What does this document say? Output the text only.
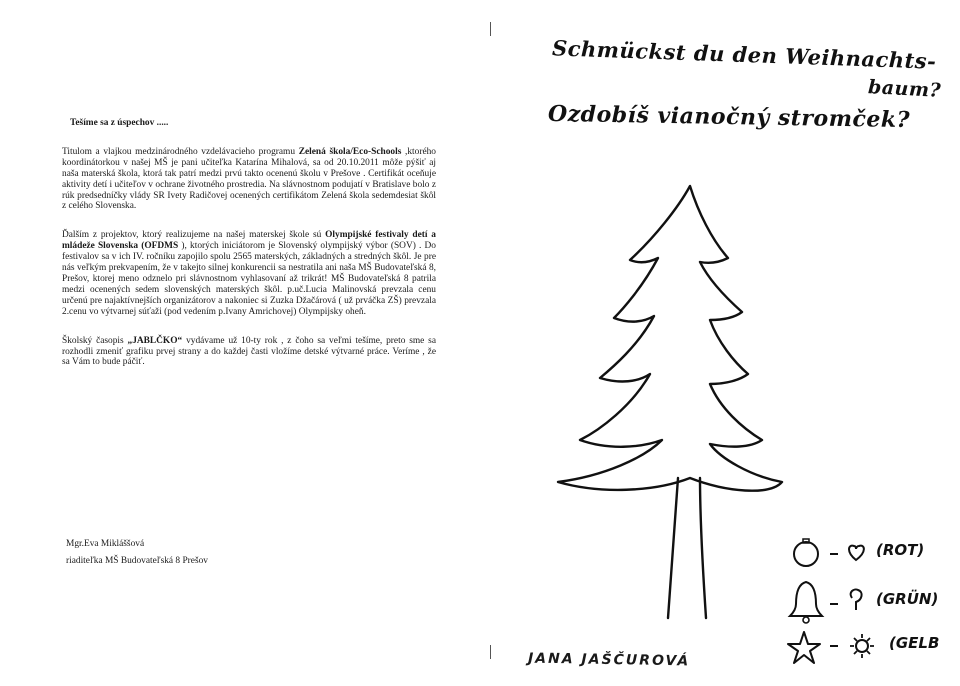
Tešíme sa z úspechov .....

Titulom a vlajkou medzinárodného vzdelávacieho programu Zelená škola/Eco-Schools ,ktorého koordinátorkou v našej MŠ je pani učiteľka Katarína Mihalová, sa od 20.10.2011 môže pýšiť aj naša materská škola, ktorá tak patrí medzi prvú takto ocenenú školu v Prešove . Certifikát oceňuje aktivity detí i učiteľov v ochrane životného prostredia. Na slávnostnom podujatí v Bratislave bolo z rúk predsedníčky vlády SR Ivety Radičovej ocenených certifikátom Zelená škola sedemdesiat škôl z celého Slovenska.

Ďalším z projektov, ktorý realizujeme na našej materskej škole sú Olympijské festivaly detí a mládeže Slovenska (OFDMS ), ktorých iniciátorom je Slovenský olympijský výbor (SOV) . Do festivalov sa v ich IV. ročníku zapojilo spolu 2565 materských, základných a stredných škôl. Je pre nás veľkým prekvapením, že v takejto silnej konkurencii sa nestratila ani naša MŠ Budovateľská 8, Prešov, ktorej meno odznelo pri slávnostnom vyhlasovaní až trikrát! MŠ Budovateľská 8 patrila medzi ocenených sedem slovenských materských škôl. p.uč.Lucia Malinovská prevzala cenu určenú pre najaktívnejších organizátorov a nakoniec si Zuzka Džačárová ( už prváčka ZŠ) prevzala 2.cenu vo výtvarnej súťaži (pod vedením p.Ivany Amrichovej) Olympijsky oheň.

Školský časopis „JABLČKO“ vydávame už 10-ty rok , z čoho sa veľmi tešíme, preto sme sa rozhodli zmeniť grafiku prvej strany a do každej časti vložíme detské výtvarné práce. Veríme , že sa Vám to bude páčiť.

Mgr.Eva Mikláššová
riaditeľka MŠ Budovateľská 8 Prešov
Schmückst du den Weihnachts-
baum?
Ozdobíš vianočný stromček?
(ROT)
(GRÜN)
(GELB
JANA JAŠČUROVÁ
